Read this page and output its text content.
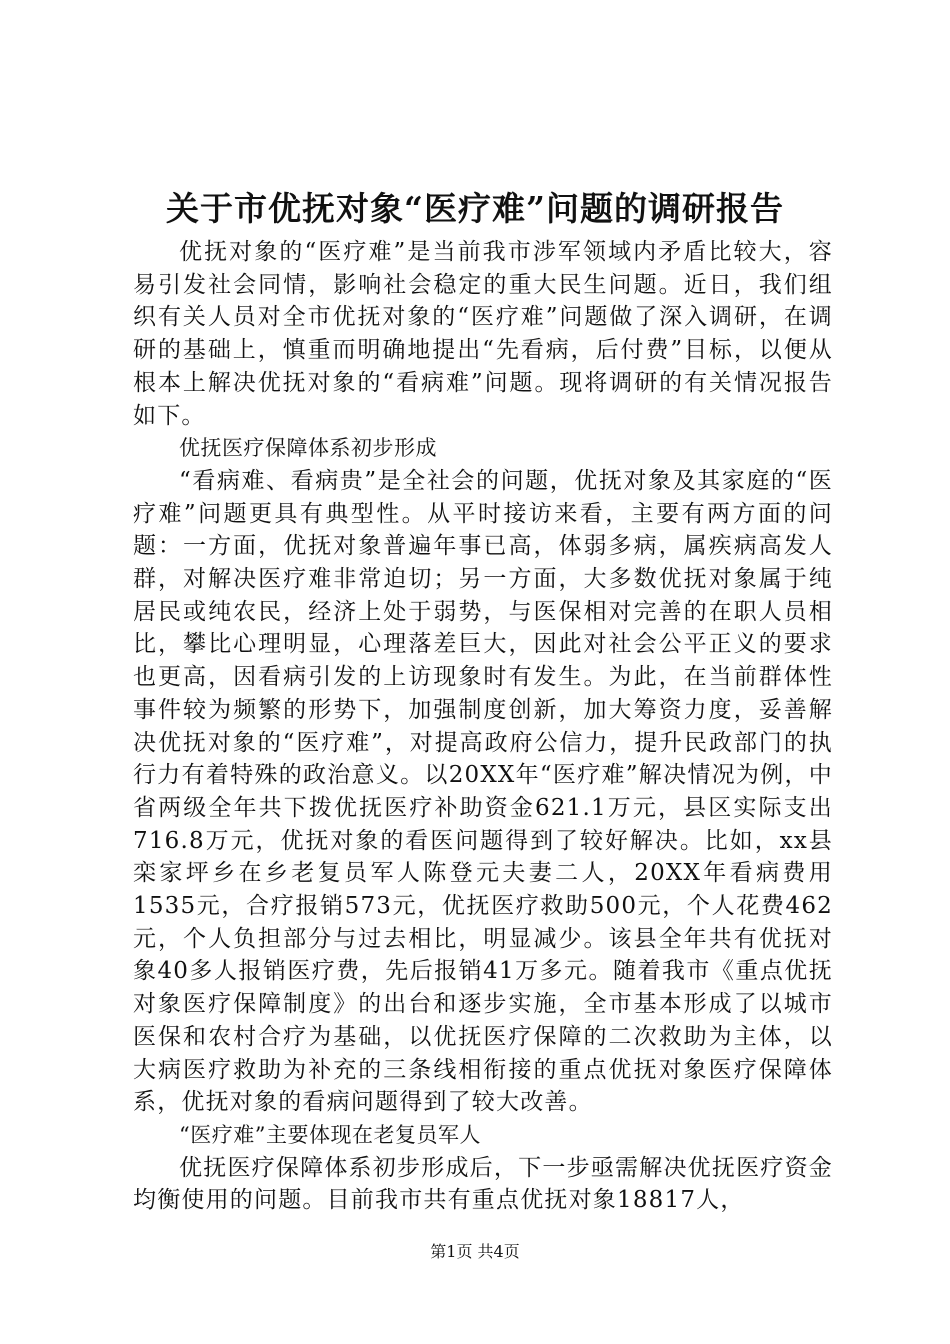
关于市优抚对象“医疗难”问题的调研报告

优抚对象的“医疗难”是当前我市涉军领域内矛盾比较大，容易引发社会同情，影响社会稳定的重大民生问题。近日，我们组织有关人员对全市优抚对象的“医疗难”问题做了深入调研，在调研的基础上，慎重而明确地提出“先看病，后付费”目标，以便从根本上解决优抚对象的“看病难”问题。现将调研的有关情况报告如下。

优抚医疗保障体系初步形成

“看病难、看病贵”是全社会的问题，优抚对象及其家庭的“医疗难”问题更具有典型性。从平时接访来看，主要有两方面的问题：一方面，优抚对象普遍年事已高，体弱多病，属疾病高发人群，对解决医疗难非常迫切；另一方面，大多数优抚对象属于纯居民或纯农民，经济上处于弱势，与医保相对完善的在职人员相比，攀比心理明显，心理落差巨大，因此对社会公平正义的要求也更高，因看病引发的上访现象时有发生。为此，在当前群体性事件较为频繁的形势下，加强制度创新，加大筹资力度，妥善解决优抚对象的“医疗难”，对提高政府公信力，提升民政部门的执行力有着特殊的政治意义。以20XX年“医疗难”解决情况为例，中省两级全年共下拨优抚医疗补助资金621.1万元，县区实际支出716.8万元，优抚对象的看医问题得到了较好解决。比如，xx县栾家坪乡在乡老复员军人陈登元夫妻二人，20XX年看病费用1535元，合疗报销573元，优抚医疗救助500元，个人花费462元，个人负担部分与过去相比，明显减少。该县全年共有优抚对象40多人报销医疗费，先后报销41万多元。随着我市《重点优抚对象医疗保障制度》的出台和逐步实施，全市基本形成了以城市医保和农村合疗为基础，以优抚医疗保障的二次救助为主体，以大病医疗救助为补充的三条线相衔接的重点优抚对象医疗保障体系，优抚对象的看病问题得到了较大改善。

“医疗难”主要体现在老复员军人

优抚医疗保障体系初步形成后，下一步亟需解决优抚医疗资金均衡使用的问题。目前我市共有重点优抚对象18817人，

第1页 共4页
